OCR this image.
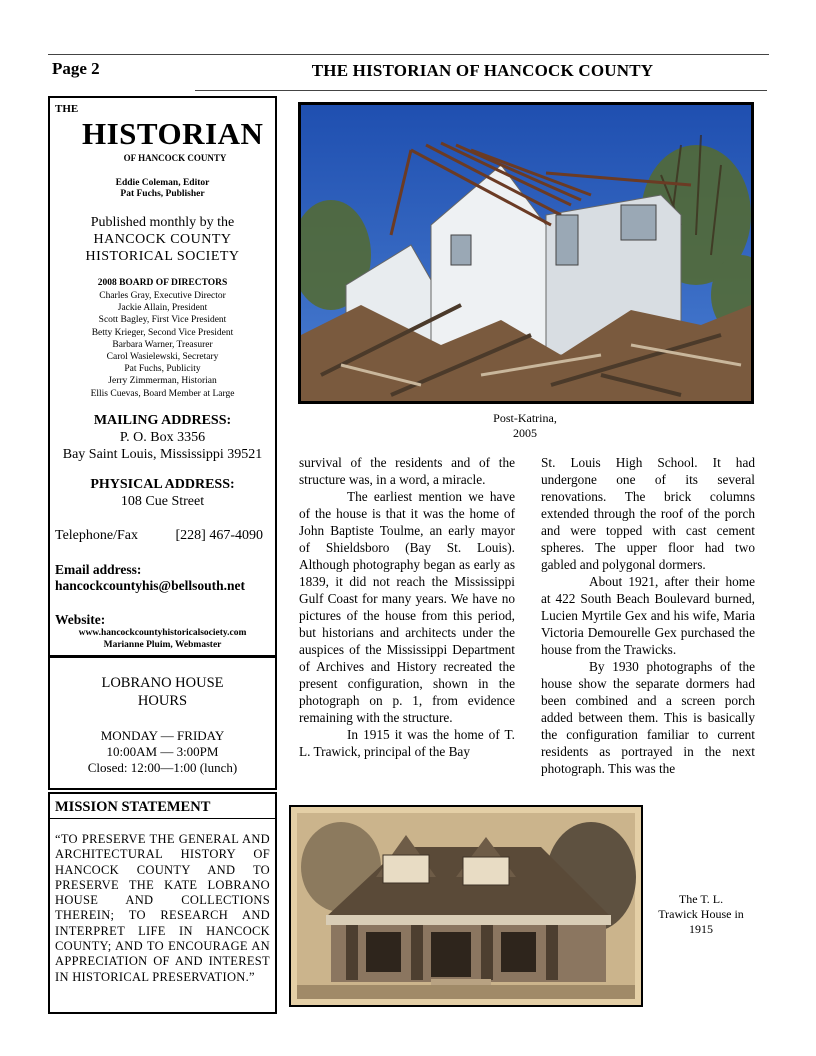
Page 2	THE HISTORIAN OF HANCOCK COUNTY
THE
HISTORIAN
OF HANCOCK COUNTY
Eddie Coleman, Editor
Pat Fuchs, Publisher
Published monthly by the
HANCOCK COUNTY
HISTORICAL SOCIETY
2008 BOARD OF DIRECTORS
Charles Gray, Executive Director
Jackie Allain, President
Scott Bagley, First Vice President
Betty Krieger, Second Vice President
Barbara Warner, Treasurer
Carol Wasielewski, Secretary
Pat Fuchs, Publicity
Jerry Zimmerman, Historian
Ellis Cuevas, Board Member at Large
MAILING ADDRESS:
P. O. Box 3356
Bay Saint Louis, Mississippi 39521
PHYSICAL ADDRESS:
108 Cue Street
Telephone/Fax	[228] 467-4090
Email address:
hancockcountyhis@bellsouth.net
Website:
www.hancockcountyhistoricalsociety.com
Marianne Pluim, Webmaster
LOBRANO HOUSE
HOURS
MONDAY — FRIDAY
10:00AM — 3:00PM
Closed: 12:00—1:00 (lunch)
MISSION STATEMENT
“TO PRESERVE THE GENERAL AND ARCHITECTURAL HISTORY OF HANCOCK COUNTY AND TO PRESERVE THE KATE LOBRANO HOUSE AND COLLECTIONS THEREIN; TO RESEARCH AND INTERPRET LIFE IN HANCOCK COUNTY; AND TO ENCOURAGE AN APPRECIATION OF AND INTEREST IN HISTORICAL PRESERVATION.”
Post-Katrina,
2005

survival of the residents and of the structure was, in a word, a miracle.

The earliest mention we have of the house is that it was the home of John Baptiste Toulme, an early mayor of Shieldsboro (Bay St. Louis). Although photography began as early as 1839, it did not reach the Mississippi Gulf Coast for many years. We have no pictures of the house from this period, but historians and architects under the auspices of the Mississippi Department of Archives and History recreated the present configuration, shown in the photograph on p. 1, from evidence remaining with the structure.

In 1915 it was the home of T. L. Trawick, principal of the Bay

St. Louis High School. It had undergone one of its several renovations. The brick columns extended through the roof of the porch and were topped with cast cement spheres. The upper floor had two gabled and polygonal dormers.

About 1921, after their home at 422 South Beach Boulevard burned, Lucien Myrtile Gex and his wife, Maria Victoria Demourelle Gex purchased the house from the Trawicks.

By 1930 photographs of the house show the separate dormers had been combined and a screen porch added between them. This is basically the configuration familiar to current residents as portrayed in the next photograph. This was the

The T. L.
Trawick House in
1915
